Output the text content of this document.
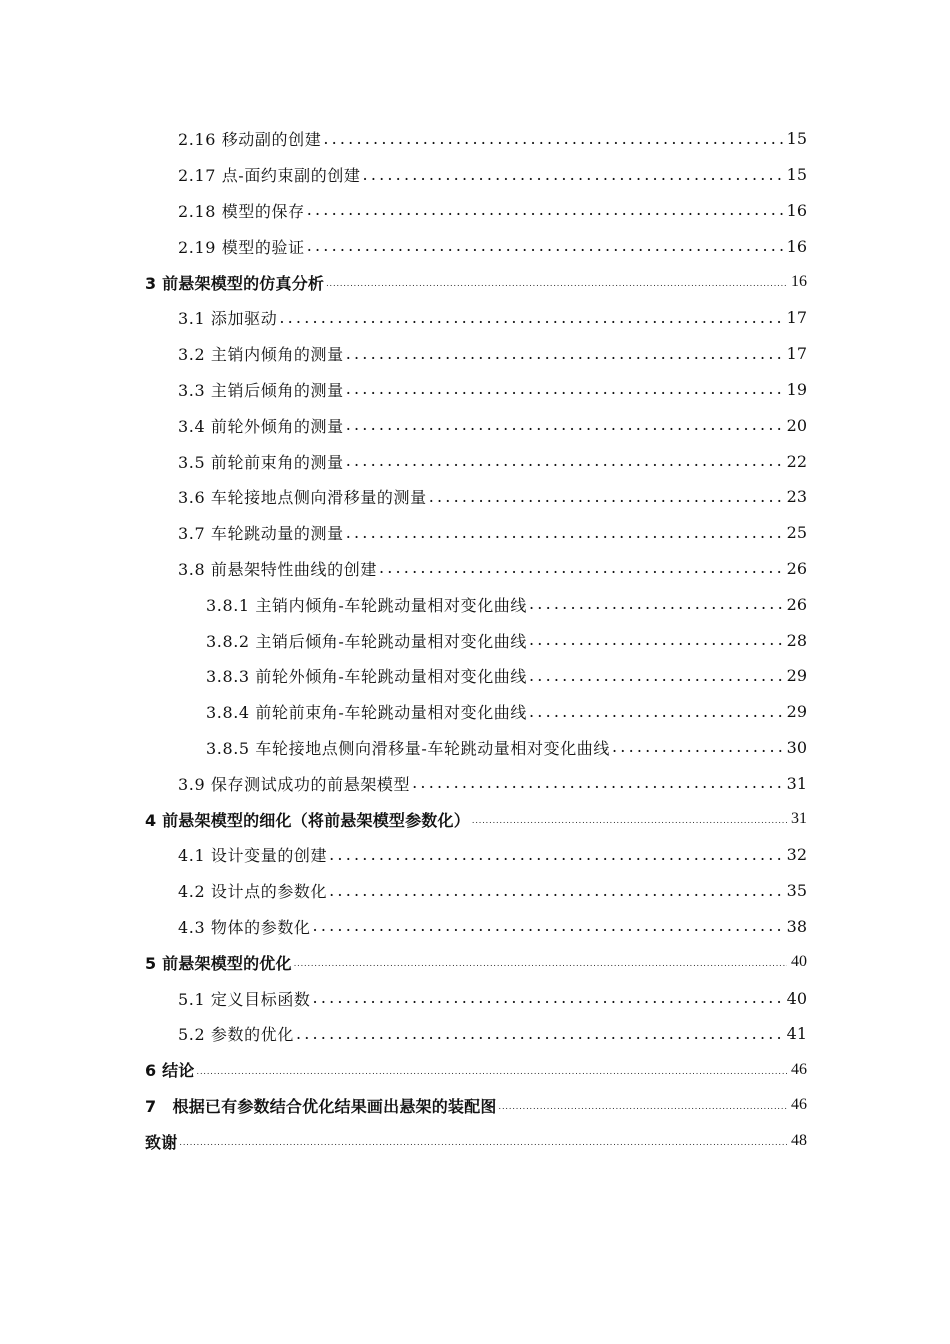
2.16 移动副的创建 .....	15
2.17 点-面约束副的创建 .....	15
2.18 模型的保存 .....	16
2.19 模型的验证 .....	16
3 前悬架模型的仿真分析 .....	16
3.1 添加驱动 .....	17
3.2 主销内倾角的测量 .....	17
3.3 主销后倾角的测量 .....	19
3.4 前轮外倾角的测量 .....	20
3.5 前轮前束角的测量 .....	22
3.6 车轮接地点侧向滑移量的测量 .....	23
3.7 车轮跳动量的测量 .....	25
3.8 前悬架特性曲线的创建 .....	26
3.8.1 主销内倾角-车轮跳动量相对变化曲线 .....	26
3.8.2 主销后倾角-车轮跳动量相对变化曲线 .....	28
3.8.3 前轮外倾角-车轮跳动量相对变化曲线 .....	29
3.8.4 前轮前束角-车轮跳动量相对变化曲线 .....	29
3.8.5 车轮接地点侧向滑移量-车轮跳动量相对变化曲线 .....	30
3.9 保存测试成功的前悬架模型 .....	31
4 前悬架模型的细化（将前悬架模型参数化） .....	31
4.1 设计变量的创建 .....	32
4.2 设计点的参数化 .....	35
4.3 物体的参数化 .....	38
5 前悬架模型的优化 .....	40
5.1 定义目标函数 .....	40
5.2 参数的优化 .....	41
6 结论 .....	46
7　根据已有参数结合优化结果画出悬架的装配图 .....	46
致谢 .....	48
